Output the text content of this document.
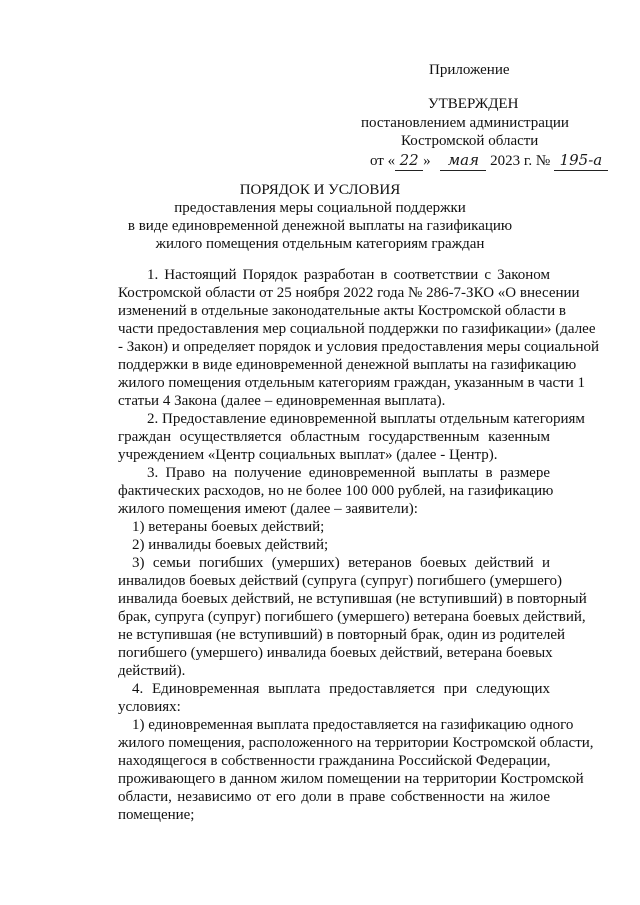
Приложение
УТВЕРЖДЕН
постановлением администрации
Костромской области
от « 22 » мая 2023 г. № 195-а
ПОРЯДОК И УСЛОВИЯ
предоставления меры социальной поддержки
в виде единовременной денежной выплаты на газификацию
жилого помещения отдельным категориям граждан
1. Настоящий Порядок разработан в соответствии с Законом
Костромской области от 25 ноября 2022 года № 286-7-ЗКО «О внесении
изменений в отдельные законодательные акты Костромской области в
части предоставления мер социальной поддержки по газификации» (далее
- Закон) и определяет порядок и условия предоставления меры социальной
поддержки в виде единовременной денежной выплаты на газификацию
жилого помещения отдельным категориям граждан, указанным в части 1
статьи 4 Закона (далее – единовременная выплата).
2. Предоставление единовременной выплаты отдельным категориям
граждан осуществляется областным государственным казенным
учреждением «Центр социальных выплат» (далее - Центр).
3. Право на получение единовременной выплаты в размере
фактических расходов, но не более 100 000 рублей, на газификацию
жилого помещения имеют (далее – заявители):
1) ветераны боевых действий;
2) инвалиды боевых действий;
3) семьи погибших (умерших) ветеранов боевых действий и
инвалидов боевых действий (супруга (супруг) погибшего (умершего)
инвалида боевых действий, не вступившая (не вступивший) в повторный
брак, супруга (супруг) погибшего (умершего) ветерана боевых действий,
не вступившая (не вступивший) в повторный брак, один из родителей
погибшего (умершего) инвалида боевых действий, ветерана боевых
действий).
4. Единовременная выплата предоставляется при следующих
условиях:
1) единовременная выплата предоставляется на газификацию одного
жилого помещения, расположенного на территории Костромской области,
находящегося в собственности гражданина Российской Федерации,
проживающего в данном жилом помещении на территории Костромской
области, независимо от его доли в праве собственности на жилое
помещение;
